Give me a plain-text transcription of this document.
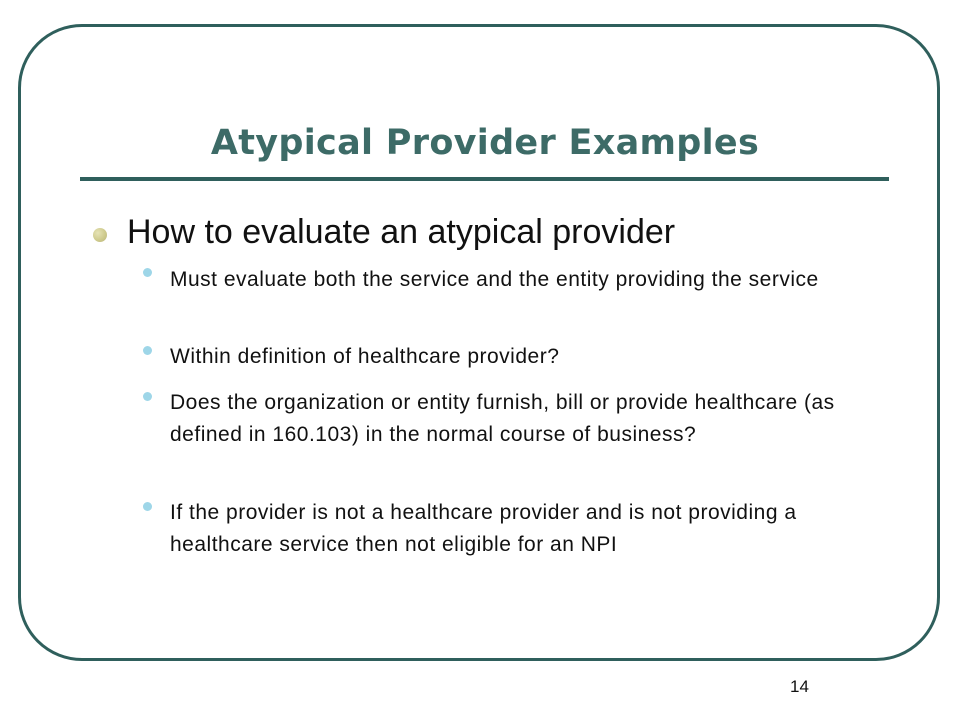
Atypical Provider Examples
How to evaluate an atypical provider
Must evaluate both the service and the entity providing the service
Within definition of healthcare provider?
Does the organization or entity furnish, bill or provide healthcare (as defined in 160.103) in the normal course of business?
If the provider is not a healthcare provider and is not providing a healthcare service then not eligible for an NPI
14
